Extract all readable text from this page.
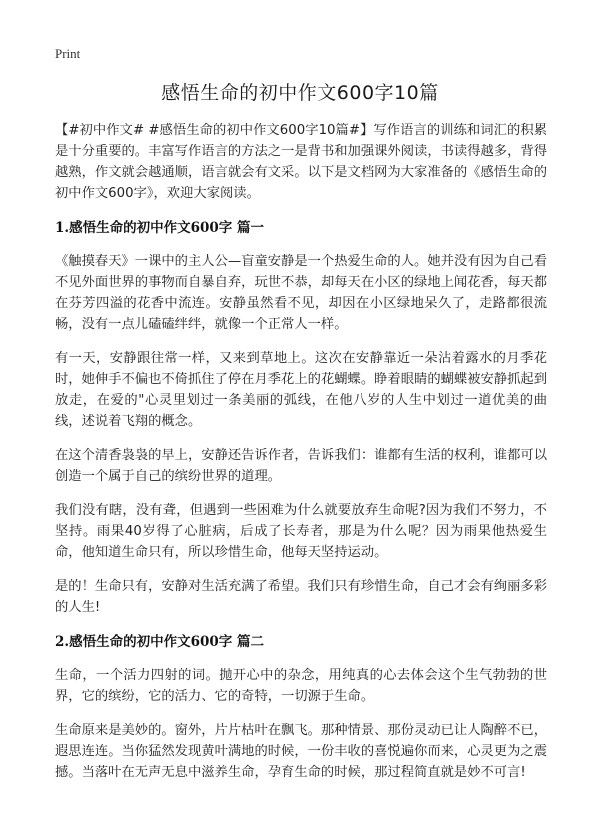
Print
感悟生命的初中作文600字10篇

【#初中作文# #感悟生命的初中作文600字10篇#】写作语言的训练和词汇的积累是十分重要的。丰富写作语言的方法之一是背书和加强课外阅读，书读得越多，背得越熟，作文就会越通顺，语言就会有文采。以下是文档网为大家准备的《感悟生命的初中作文600字》，欢迎大家阅读。

1.感悟生命的初中作文600字 篇一

《触摸春天》一课中的主人公—盲童安静是一个热爱生命的人。她并没有因为自己看不见外面世界的事物而自暴自弃，玩世不恭，却每天在小区的绿地上闻花香，每天都在芬芳四溢的花香中流连。安静虽然看不见，却因在小区绿地呆久了，走路都很流畅，没有一点儿磕磕绊绊，就像一个正常人一样。

有一天，安静跟往常一样，又来到草地上。这次在安静靠近一朵沾着露水的月季花时，她伸手不偏也不倚抓住了停在月季花上的花蝴蝶。睁着眼睛的蝴蝶被安静抓起到放走，在爱的"心灵里划过一条美丽的弧线，在他八岁的人生中划过一道优美的曲线，述说着飞翔的概念。

在这个清香袅袅的早上，安静还告诉作者，告诉我们：谁都有生活的权利，谁都可以创造一个属于自己的缤纷世界的道理。

我们没有瞎，没有聋，但遇到一些困难为什么就要放弃生命呢?因为我们不努力，不坚持。雨果40岁得了心脏病，后成了长寿者，那是为什么呢？因为雨果他热爱生命，他知道生命只有，所以珍惜生命，他每天坚持运动。

是的！生命只有，安静对生活充满了希望。我们只有珍惜生命，自己才会有绚丽多彩的人生!

2.感悟生命的初中作文600字 篇二

生命，一个活力四射的词。抛开心中的杂念，用纯真的心去体会这个生气勃勃的世界，它的缤纷，它的活力、它的奇特，一切源于生命。

生命原来是美妙的。窗外，片片枯叶在飘飞。那种情景、那份灵动已让人陶醉不已，遐思连连。当你猛然发现黄叶满地的时候，一份丰收的喜悦遍你而来，心灵更为之震撼。当落叶在无声无息中滋养生命，孕育生命的时候，那过程简直就是妙不可言!
